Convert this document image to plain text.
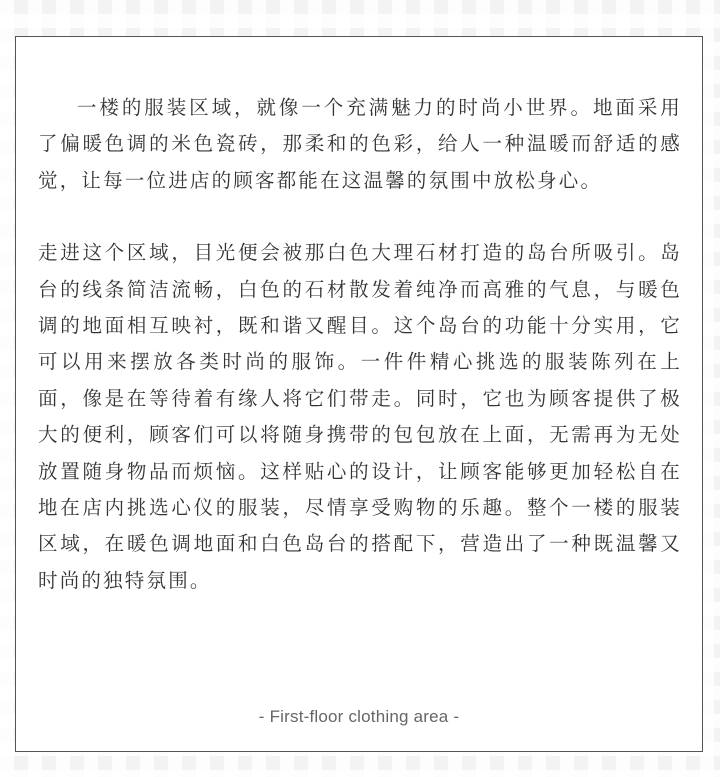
一楼的服装区域，就像一个充满魅力的时尚小世界。地面采用了偏暖色调的米色瓷砖，那柔和的色彩，给人一种温暖而舒适的感觉，让每一位进店的顾客都能在这温馨的氛围中放松身心。

走进这个区域，目光便会被那白色大理石材打造的岛台所吸引。岛台的线条简洁流畅，白色的石材散发着纯净而高雅的气息，与暖色调的地面相互映衬，既和谐又醒目。这个岛台的功能十分实用，它可以用来摆放各类时尚的服饰。一件件精心挑选的服装陈列在上面，像是在等待着有缘人将它们带走。同时，它也为顾客提供了极大的便利，顾客们可以将随身携带的包包放在上面，无需再为无处放置随身物品而烦恼。这样贴心的设计，让顾客能够更加轻松自在地在店内挑选心仪的服装，尽情享受购物的乐趣。整个一楼的服装区域，在暖色调地面和白色岛台的搭配下，营造出了一种既温馨又时尚的独特氛围。

- First-floor clothing area -
